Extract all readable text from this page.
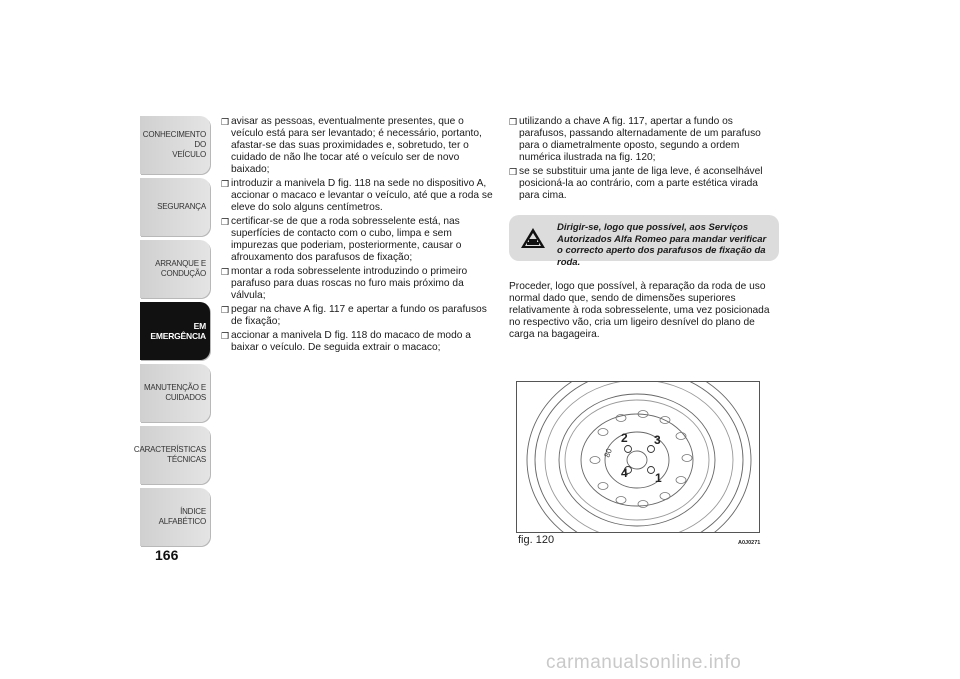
CONHECIMENTO DO
VEÍCULO
SEGURANÇA
ARRANQUE E
CONDUÇÃO
EM EMERGÊNCIA
MANUTENÇÃO E
CUIDADOS
CARACTERÍSTICAS
TÉCNICAS
ÍNDICE ALFABÉTICO
166
❒ avisar as pessoas, eventualmente presentes, que o veículo está para ser levantado; é necessário, portanto, afastar-se das suas proximidades e, sobretudo, ter o cuidado de não lhe tocar até o veículo ser de novo baixado;
❒ introduzir a manivela D fig. 118 na sede no dispositivo A, accionar o macaco e levantar o veículo, até que a roda se eleve do solo alguns centímetros.
❒ certificar-se de que a roda sobresselente está, nas superfícies de contacto com o cubo, limpa e sem impurezas que poderiam, posteriormente, causar o afrouxamento dos parafusos de fixação;
❒ montar a roda sobresselente introduzindo o primeiro parafuso para duas roscas no furo mais próximo da válvula;
❒ pegar na chave A fig. 117 e apertar a fundo os parafusos de fixação;
❒ accionar a manivela D fig. 118 do macaco de modo a baixar o veículo. De seguida extrair o macaco;
❒ utilizando a chave A fig. 117, apertar a fundo os parafusos, passando alternadamente de um parafuso para o diametralmente oposto, segundo a ordem numérica ilustrada na fig. 120;
❒ se se substituir uma jante de liga leve, é aconselhável posicioná-la ao contrário, com a parte estética virada para cima.
Dirigir-se, logo que possível, aos Serviços Autorizados Alfa Romeo para mandar verificar o correcto aperto dos parafusos de fixação da roda.
Proceder, logo que possível, à reparação da roda de uso normal dado que, sendo de dimensões superiores relativamente à roda sobresselente, uma vez posicionada no respectivo vão, cria um ligeiro desnível do plano de carga na bagageira.
2 3
4 1
80
fig. 120	A0J0271
carmanualsonline.info
